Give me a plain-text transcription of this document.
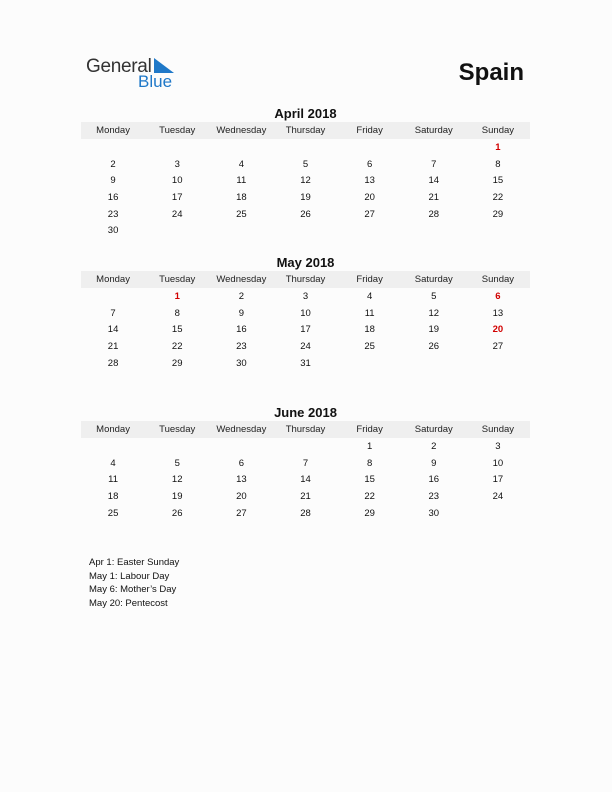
General
Blue	Spain
April 2018
Monday	Tuesday	Wednesday	Thursday	Friday	Saturday	Sunday
						1
2	3	4	5	6	7	8
9	10	11	12	13	14	15
16	17	18	19	20	21	22
23	24	25	26	27	28	29
30						
May 2018
Monday	Tuesday	Wednesday	Thursday	Friday	Saturday	Sunday
	1	2	3	4	5	6
7	8	9	10	11	12	13
14	15	16	17	18	19	20
21	22	23	24	25	26	27
28	29	30	31			
June 2018
Monday	Tuesday	Wednesday	Thursday	Friday	Saturday	Sunday
				1	2	3
4	5	6	7	8	9	10
11	12	13	14	15	16	17
18	19	20	21	22	23	24
25	26	27	28	29	30	
Apr 1: Easter Sunday
May 1: Labour Day
May 6: Mother’s Day
May 20: Pentecost
